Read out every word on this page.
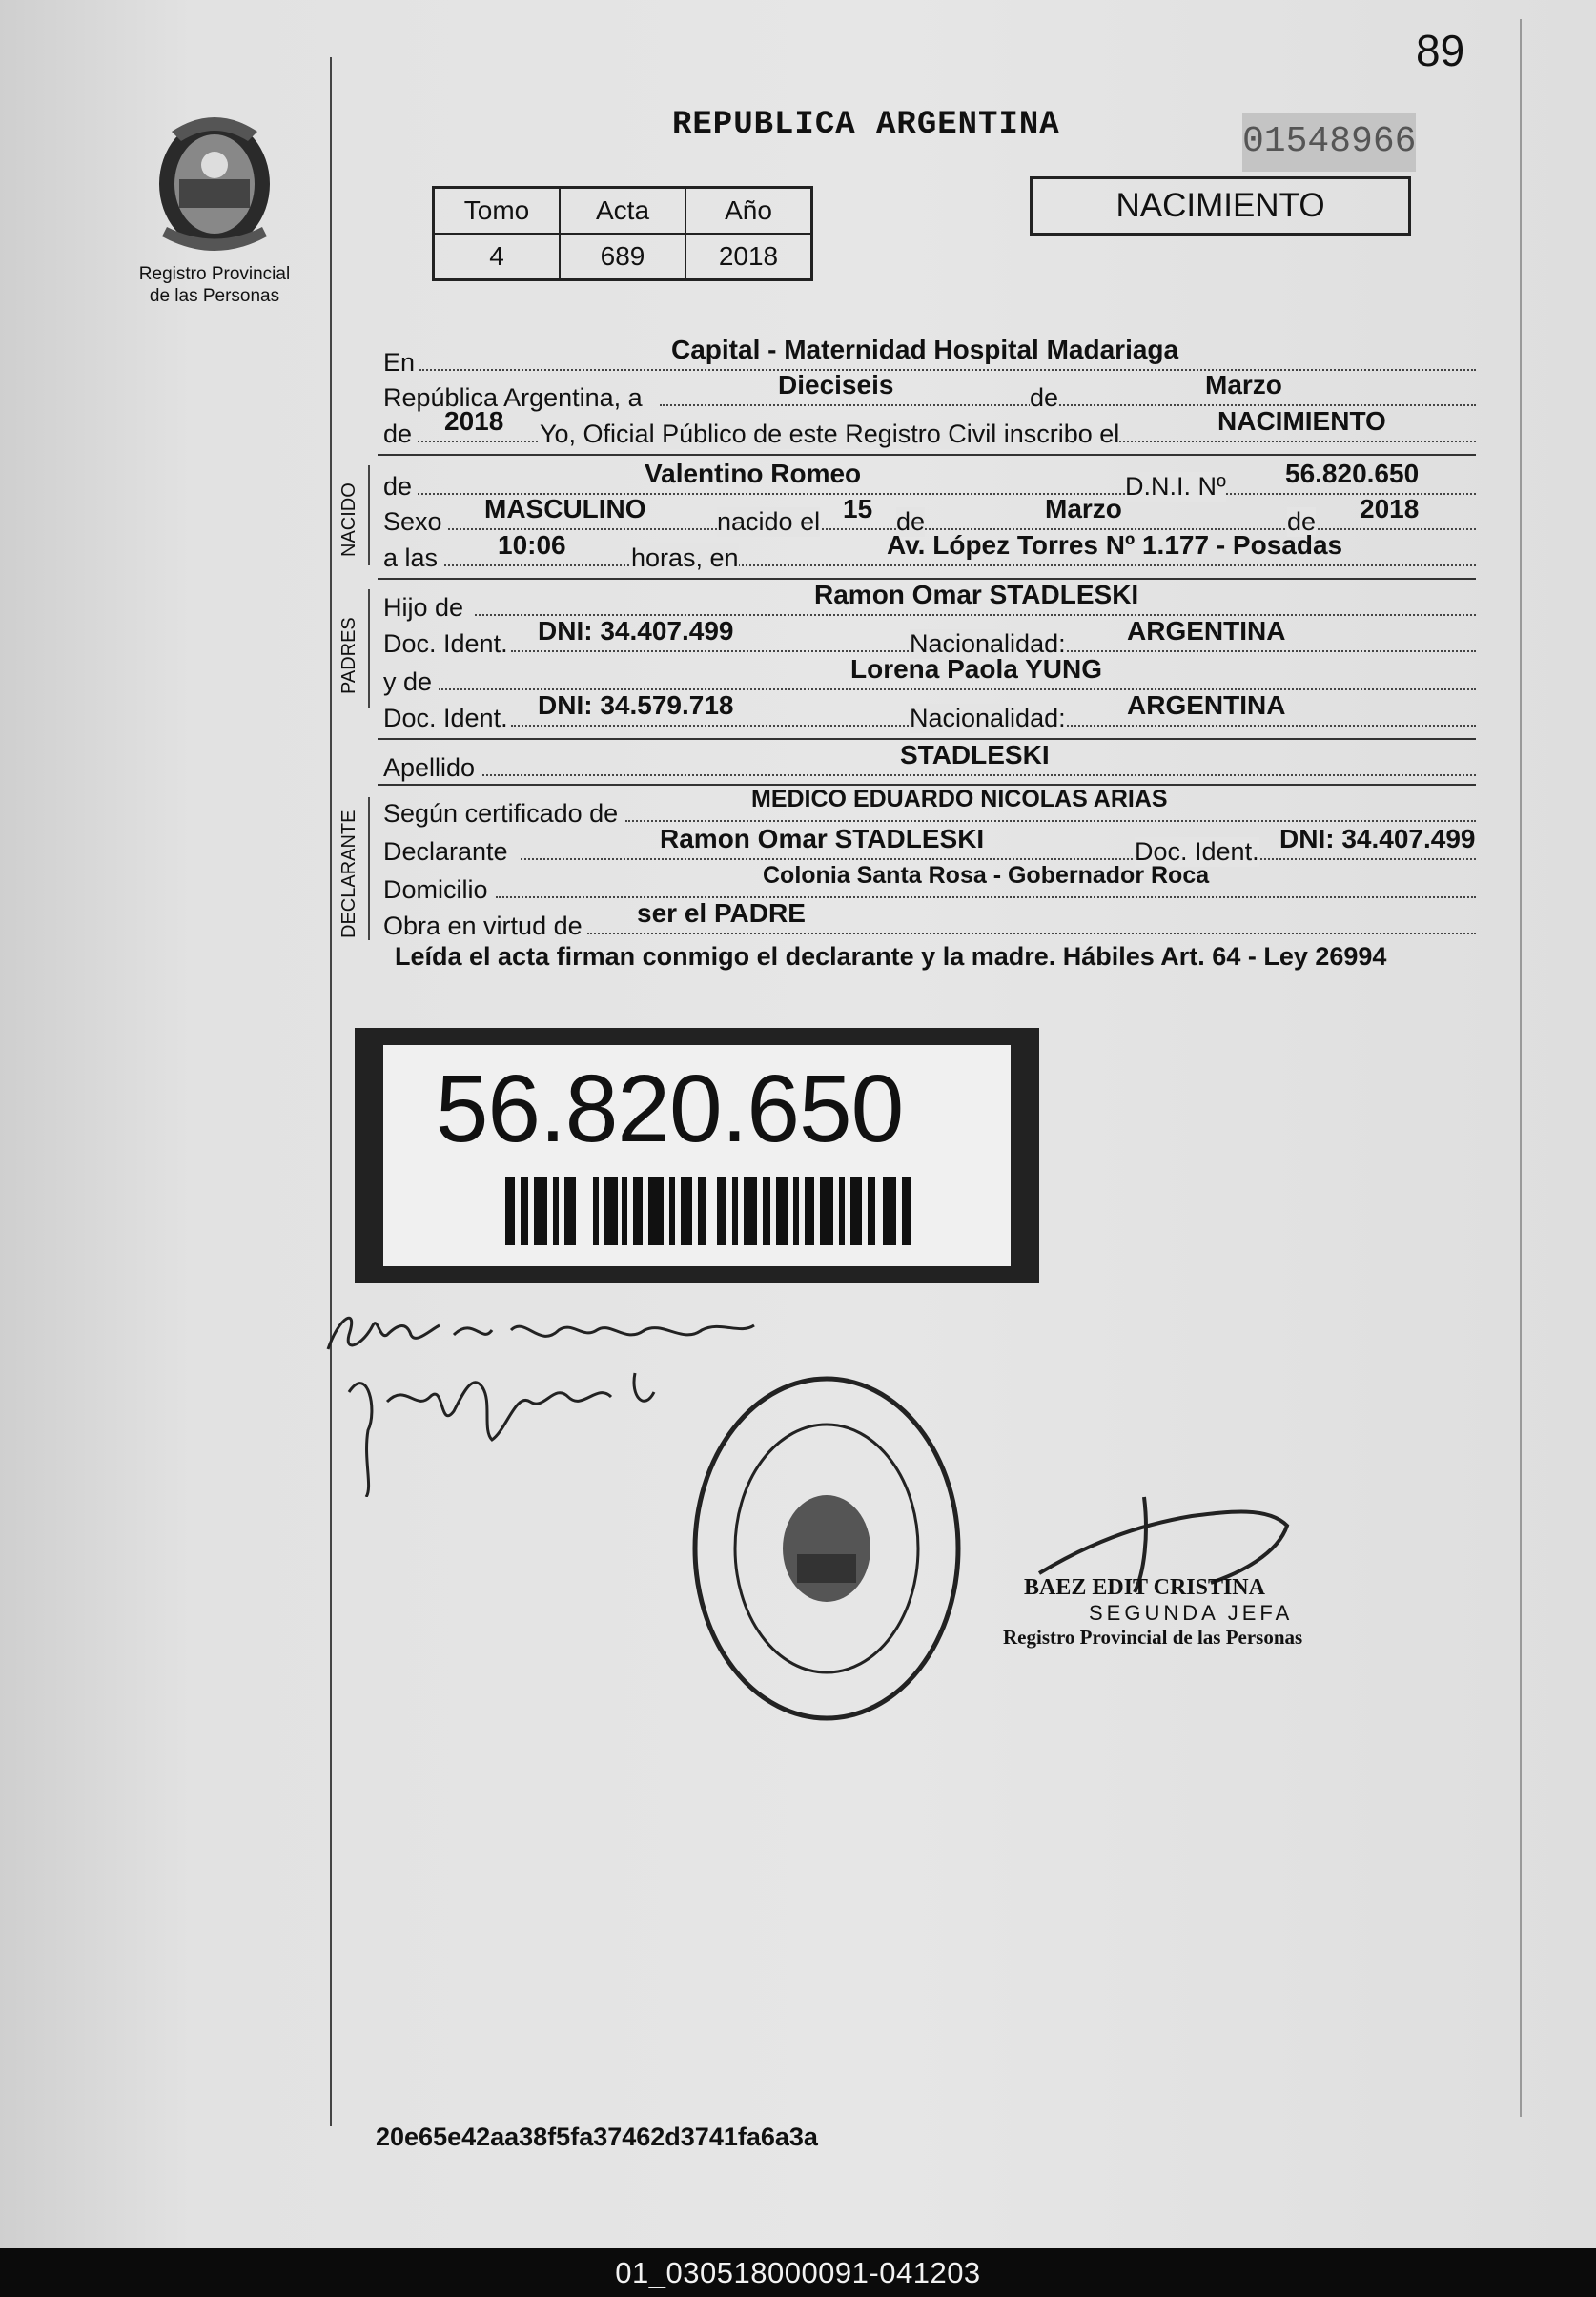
89
Registro Provincial
de las Personas
REPUBLICA ARGENTINA	01548966
Tomo	Acta	Año
4	689	2018
NACIMIENTO
En	Capital - Maternidad Hospital Madariaga
República Argentina, a	Dieciseis	de	Marzo
de 2018 Yo, Oficial Público de este Registro Civil inscribo el	NACIMIENTO
NACIDO de	Valentino Romeo	D.N.I. Nº 56.820.650
Sexo MASCULINO	nacido el 15 de	Marzo	de 2018
a las 10:06	horas, en	Av. López Torres Nº 1.177 - Posadas
PADRES
Hijo de	Ramon Omar STADLESKI
Doc. Ident. DNI: 34.407.499	Nacionalidad: ARGENTINA
y de	Lorena Paola YUNG
Doc. Ident. DNI: 34.579.718	Nacionalidad: ARGENTINA
Apellido	STADLESKI
DECLARANTE Según certificado de	MEDICO EDUARDO NICOLAS ARIAS
Declarante	Ramon Omar STADLESKI	Doc. Ident. DNI: 34.407.499
Domicilio	Colonia Santa Rosa - Gobernador Roca
Obra en virtud de ser el PADRE
Leída el acta firman conmigo el declarante y la madre. Hábiles Art. 64 - Ley 26994
56.820.650
BAEZ EDIT CRISTINA
SEGUNDA JEFA
Registro Provincial de las Personas
20e65e42aa38f5fa37462d3741fa6a3a
01_030518000091-041203
